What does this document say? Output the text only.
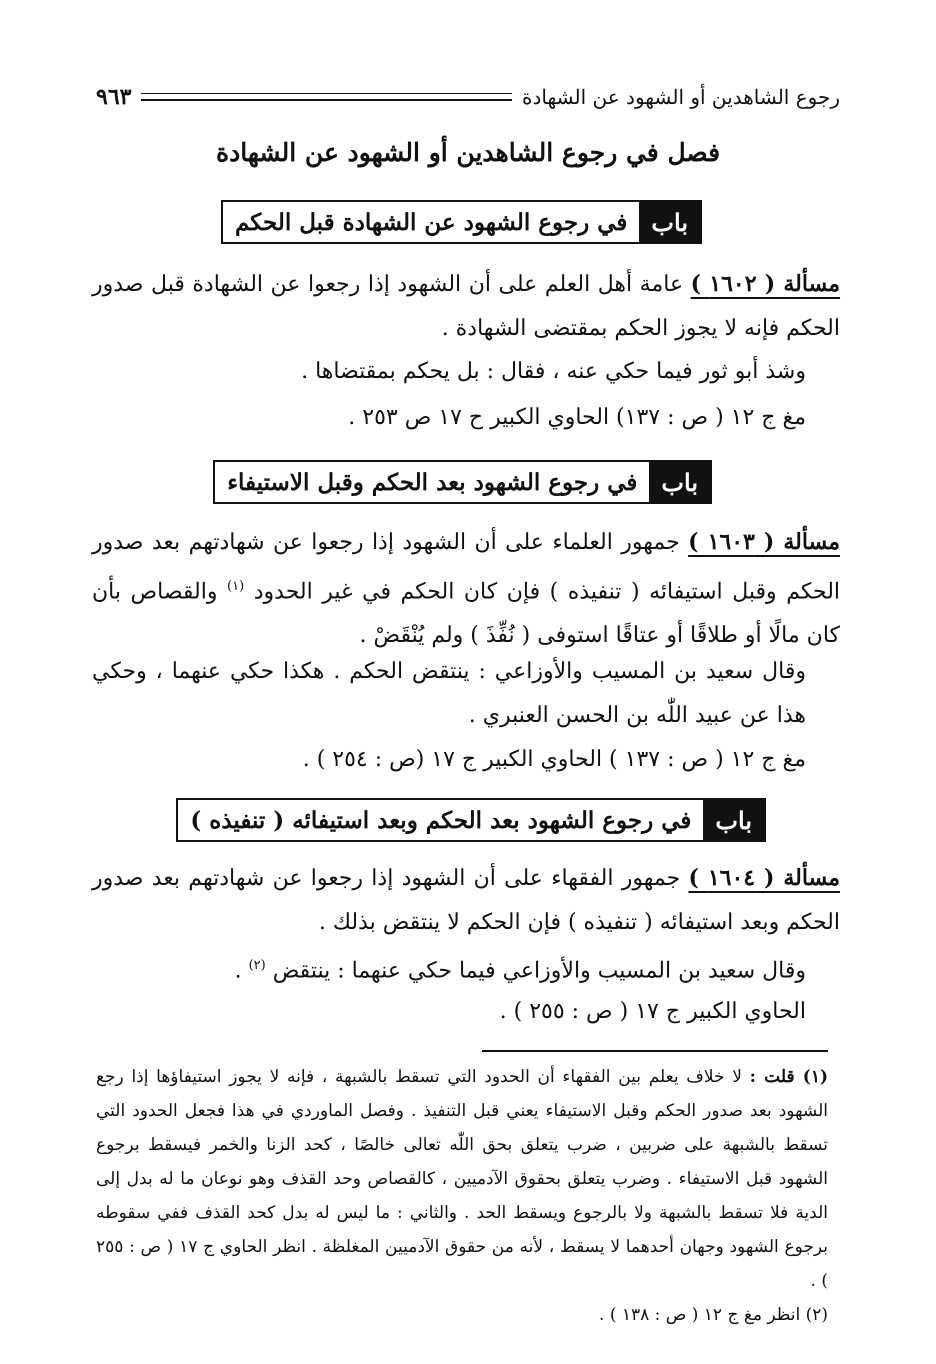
رجوع الشاهدين أو الشهود عن الشهادة
٩٦٣
فصل في رجوع الشاهدين أو الشهود عن الشهادة
باب
في رجوع الشهود عن الشهادة قبل الحكم
مسألة ( ١٦٠٢ ) عامة أهل العلم على أن الشهود إذا رجعوا عن الشهادة قبل صدور الحكم فإنه لا يجوز الحكم بمقتضى الشهادة .
وشذ أبو ثور فيما حكي عنه ، فقال : بل يحكم بمقتضاها .
مغ ج ١٢ ( ص : ١٣٧) الحاوي الكبير ح ١٧ ص ٢٥٣ .
باب
في رجوع الشهود بعد الحكم وقبل الاستيفاء
مسألة ( ١٦٠٣ ) جمهور العلماء على أن الشهود إذا رجعوا عن شهادتهم بعد صدور الحكم وقبل استيفائه ( تنفيذه ) فإن كان الحكم في غير الحدود $^{(١)}$ والقصاص بأن كان مالًا أو طلاقًا أو عتاقًا استوفى ( نُفِّذَ ) ولم يُنْقَضْ .
وقال سعيد بن المسيب والأوزاعي : ينتقض الحكم . هكذا حكي عنهما ، وحكي هذا عن عبيد اللّٰه بن الحسن العنبري .
مغ ج ١٢ ( ص : ١٣٧ ) الحاوي الكبير ج ١٧ (ص : ٢٥٤ ) .
باب
في رجوع الشهود بعد الحكم وبعد استيفائه ( تنفيذه )
مسألة ( ١٦٠٤ ) جمهور الفقهاء على أن الشهود إذا رجعوا عن شهادتهم بعد صدور الحكم وبعد استيفائه ( تنفيذه ) فإن الحكم لا ينتقض بذلك .
وقال سعيد بن المسيب والأوزاعي فيما حكي عنهما : ينتقض $^{(٢)}$ .
الحاوي الكبير ج ١٧ ( ص : ٢٥٥ ) .

(١) قلت : لا خلاف يعلم بين الفقهاء أن الحدود التي تسقط بالشبهة ، فإنه لا يجوز استيفاؤها إذا رجع الشهود بعد صدور الحكم وقبل الاستيفاء يعني قبل التنفيذ . وفصل الماوردي في هذا فجعل الحدود التي تسقط بالشبهة على ضربين ، ضرب يتعلق بحق اللّٰه تعالى خالصًا ، كحد الزنا والخمر فيسقط برجوع الشهود قبل الاستيفاء . وضرب يتعلق بحقوق الآدميين ، كالقصاص وحد القذف وهو نوعان ما له بدل إلى الدية فلا تسقط بالشبهة ولا بالرجوع ويسقط الحد . والثاني : ما ليس له بدل كحد القذف ففي سقوطه برجوع الشهود وجهان أحدهما لا يسقط ، لأنه من حقوق الآدميين المغلظة . انظر الحاوي ج ١٧ ( ص : ٢٥٥ ) .

(٢) انظر مغ ج ١٢ ( ص : ١٣٨ ) .
